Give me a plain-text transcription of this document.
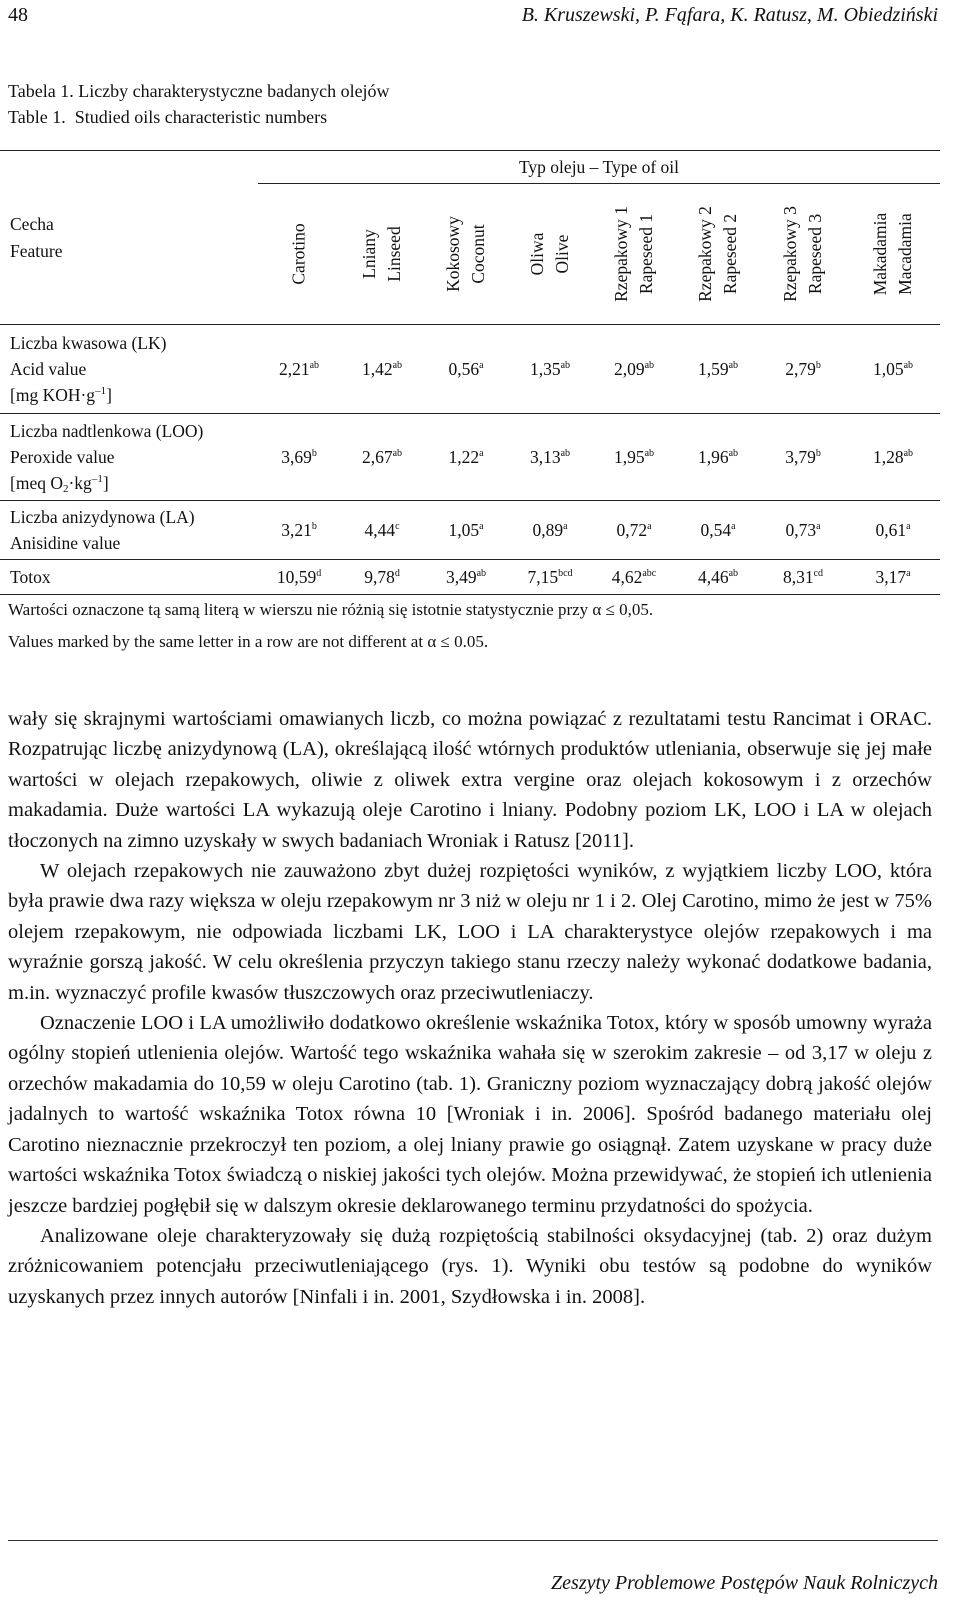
48	B. Kruszewski, P. Fąfara, K. Ratusz, M. Obiedziński
Tabela 1. Liczby charakterystyczne badanych olejów
Table 1.  Studied oils characteristic numbers
Cecha
Feature	Typ oleju – Type of oil							

	Carotino	Lniany Linseed	Kokosowy Coconut	Oliwa Olive	Rzepakowy 1 Rapeseed 1	Rzepakowy 2 Rapeseed 2	Rzepakowy 3 Rapeseed 3	Makadamia Macadamia

Liczba kwasowa (LK)
Acid value
[mg $KOH\cdot g^{-1}$]	2,21$^{ab}$	1,42$^{ab}$	0,56$^a$	1,35$^{ab}$	2,09$^{ab}$	1,59$^{ab}$	2,79$^b$	1,05$^{ab}$

Liczba nadtlenkowa (LOO)
Peroxide value
[meq $O_2\cdot kg^{-1}$]	3,69$^b$	2,67$^{ab}$	1,22$^a$	3,13$^{ab}$	1,95$^{ab}$	1,96$^{ab}$	3,79$^b$	1,28$^{ab}$

Liczba anizydynowa (LA)
Anisidine value	3,21$^b$	4,44$^c$	1,05$^a$	0,89$^a$	0,72$^a$	0,54$^a$	0,73$^a$	0,61$^a$

Totox	10,59$^d$	9,78$^d$	3,49$^{ab}$	7,15$^{bcd}$	4,62$^{abc}$	4,46$^{ab}$	8,31$^{cd}$	3,17$^a$
Wartości oznaczone tą samą literą w wierszu nie różnią się istotnie statystycznie przy α ≤ 0,05.
Values marked by the same letter in a row are not different at α ≤ 0.05.

wały się skrajnymi wartościami omawianych liczb, co można powiązać z rezultatami testu Rancimat i ORAC. Rozpatrując liczbę anizydynową (LA), określającą ilość wtórnych produktów utleniania, obserwuje się jej małe wartości w olejach rzepakowych, oliwie z oliwek extra vergine oraz olejach kokosowym i z orzechów makadamia. Duże wartości LA wykazują oleje Carotino i lniany. Podobny poziom LK, LOO i LA w olejach tłoczonych na zimno uzyskały w swych badaniach Wroniak i Ratusz [2011].

W olejach rzepakowych nie zauważono zbyt dużej rozpiętości wyników, z wyjątkiem liczby LOO, która była prawie dwa razy większa w oleju rzepakowym nr 3 niż w oleju nr 1 i 2. Olej Carotino, mimo że jest w 75% olejem rzepakowym, nie odpowiada liczbami LK, LOO i LA charakterystyce olejów rzepakowych i ma wyraźnie gorszą jakość. W celu określenia przyczyn takiego stanu rzeczy należy wykonać dodatkowe badania, m.in. wyznaczyć profile kwasów tłuszczowych oraz przeciwutleniaczy.

Oznaczenie LOO i LA umożliwiło dodatkowo określenie wskaźnika Totox, który w sposób umowny wyraża ogólny stopień utlenienia olejów. Wartość tego wskaźnika wahała się w szerokim zakresie – od 3,17 w oleju z orzechów makadamia do 10,59 w oleju Carotino (tab. 1). Graniczny poziom wyznaczający dobrą jakość olejów jadalnych to wartość wskaźnika Totox równa 10 [Wroniak i in. 2006]. Spośród badanego materiału olej Carotino nieznacznie przekroczył ten poziom, a olej lniany prawie go osiągnął. Zatem uzyskane w pracy duże wartości wskaźnika Totox świadczą o niskiej jakości tych olejów. Można przewidywać, że stopień ich utlenienia jeszcze bardziej pogłębił się w dalszym okresie deklarowanego terminu przydatności do spożycia.

Analizowane oleje charakteryzowały się dużą rozpiętością stabilności oksydacyjnej (tab. 2) oraz dużym zróżnicowaniem potencjału przeciwutleniającego (rys. 1). Wyniki obu testów są podobne do wyników uzyskanych przez innych autorów [Ninfali i in. 2001, Szydłowska i in. 2008].

Zeszyty Problemowe Postępów Nauk Rolniczych
